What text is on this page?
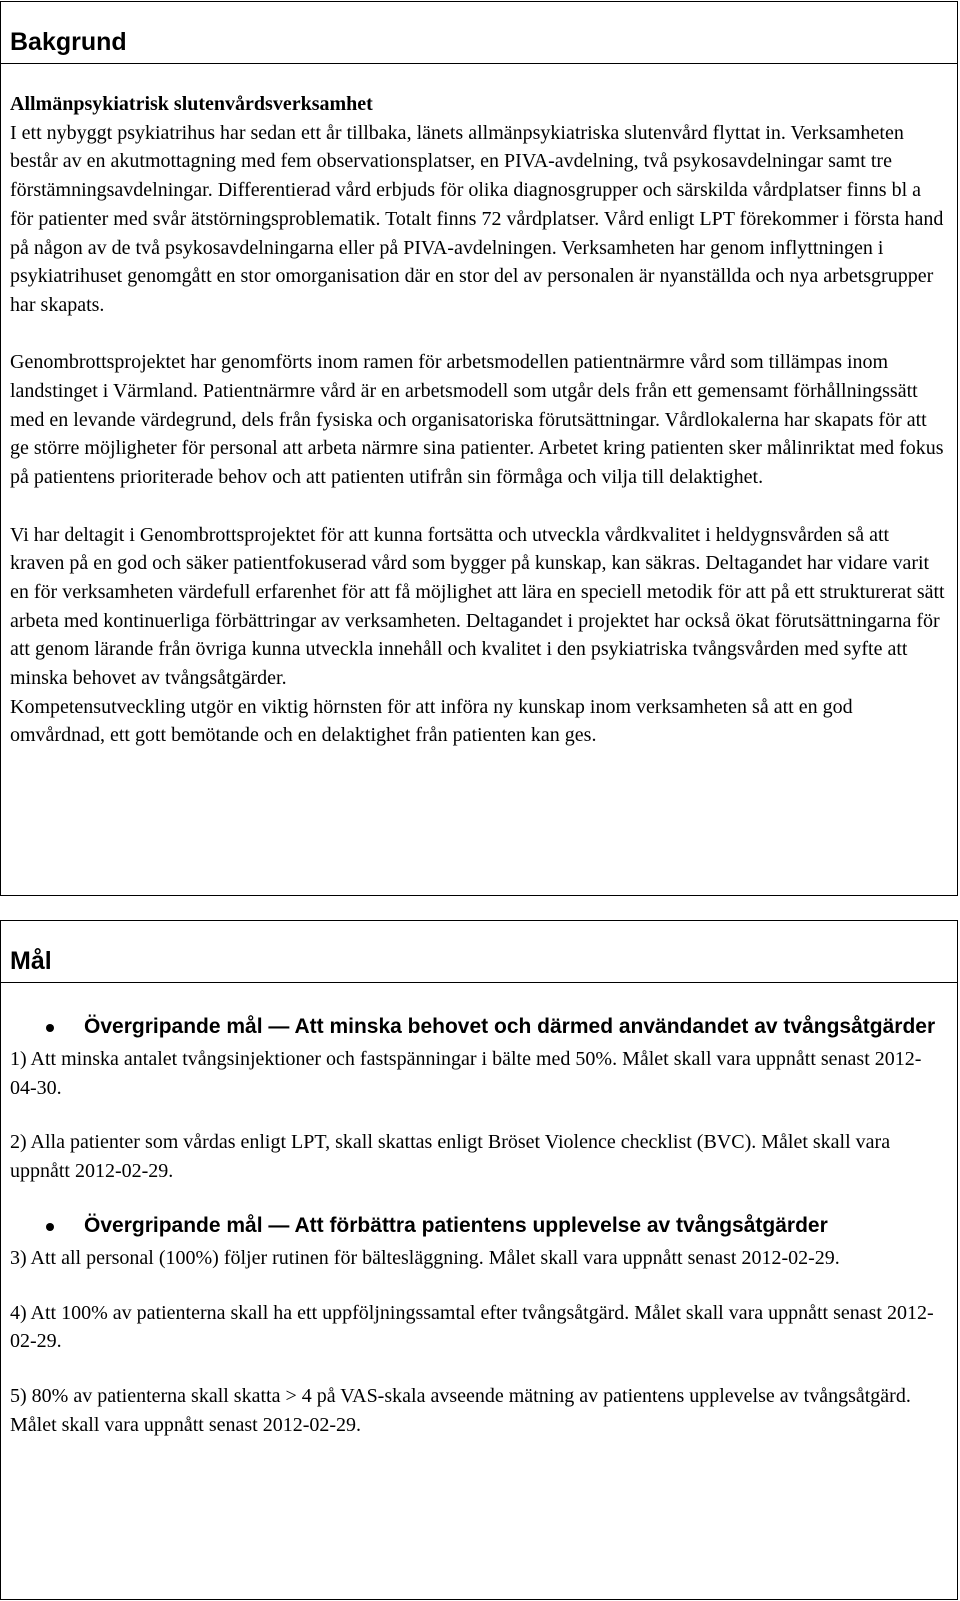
Bakgrund

Allmänpsykiatrisk slutenvårdsverksamhet

I ett nybyggt psykiatrihus har sedan ett år tillbaka, länets allmänpsykiatriska slutenvård flyttat in. Verksamheten består av en akutmottagning med fem observationsplatser, en PIVA-avdelning, två psykosavdelningar samt tre förstämningsavdelningar. Differentierad vård erbjuds för olika diagnosgrupper och särskilda vårdplatser finns bl a för patienter med svår ätstörningsproblematik. Totalt finns 72 vårdplatser. Vård enligt LPT förekommer i första hand på någon av de två psykosavdelningarna eller på PIVA-avdelningen. Verksamheten har genom inflyttningen i psykiatrihuset genomgått en stor omorganisation där en stor del av personalen är nyanställda och nya arbetsgrupper har skapats.

Genombrottsprojektet har genomförts inom ramen för arbetsmodellen patientnärmre vård som tillämpas inom landstinget i Värmland. Patientnärmre vård är en arbetsmodell som utgår dels från ett gemensamt förhållningssätt med en levande värdegrund, dels från fysiska och organisatoriska förutsättningar. Vårdlokalerna har skapats för att ge större möjligheter för personal att arbeta närmre sina patienter. Arbetet kring patienten sker målinriktat med fokus på patientens prioriterade behov och att patienten utifrån sin förmåga och vilja till delaktighet.

Vi har deltagit i Genombrottsprojektet för att kunna fortsätta och utveckla vårdkvalitet i heldygnsvården så att kraven på en god och säker patientfokuserad vård som bygger på kunskap, kan säkras. Deltagandet har vidare varit en för verksamheten värdefull erfarenhet för att få möjlighet att lära en speciell metodik för att på ett strukturerat sätt arbeta med kontinuerliga förbättringar av verksamheten. Deltagandet i projektet har också ökat förutsättningarna för att genom lärande från övriga kunna utveckla innehåll och kvalitet i den psykiatriska tvångsvården med syfte att minska behovet av tvångsåtgärder.

Kompetensutveckling utgör en viktig hörnsten för att införa ny kunskap inom verksamheten så att en god omvårdnad, ett gott bemötande och en delaktighet från patienten kan ges.

Mål
Övergripande mål — Att minska behovet och därmed användandet av tvångsåtgärder

1) Att minska antalet tvångsinjektioner och fastspänningar i bälte med 50%. Målet skall vara uppnått senast 2012-04-30.

2) Alla patienter som vårdas enligt LPT, skall skattas enligt Bröset Violence checklist (BVC). Målet skall vara uppnått 2012-02-29.

Övergripande mål — Att förbättra patientens upplevelse av tvångsåtgärder

3) Att all personal (100%) följer rutinen för bältesläggning. Målet skall vara uppnått senast 2012-02-29.

4) Att 100% av patienterna skall ha ett uppföljningssamtal efter tvångsåtgärd. Målet skall vara uppnått senast 2012-02-29.

5) 80% av patienterna skall skatta > 4 på VAS-skala avseende mätning av patientens upplevelse av tvångsåtgärd. Målet skall vara uppnått senast 2012-02-29.
